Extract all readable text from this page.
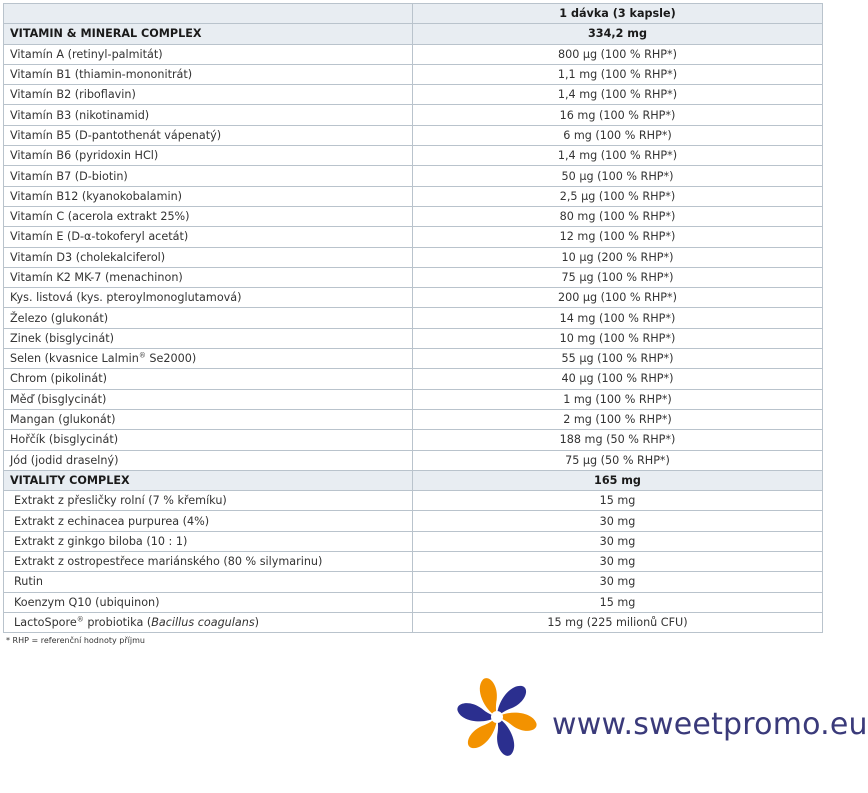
	1 dávka (3 kapsle)
VITAMIN & MINERAL COMPLEX	334,2 mg
Vitamín A (retinyl-palmitát)	800 µg (100 % RHP*)
Vitamín B1 (thiamin-mononitrát)	1,1 mg (100 % RHP*)
Vitamín B2 (riboflavin)	1,4 mg (100 % RHP*)
Vitamín B3 (nikotinamid)	16 mg (100 % RHP*)
Vitamín B5 (D-pantothenát vápenatý)	6 mg (100 % RHP*)
Vitamín B6 (pyridoxin HCl)	1,4 mg (100 % RHP*)
Vitamín B7 (D-biotin)	50 µg (100 % RHP*)
Vitamín B12 (kyanokobalamin)	2,5 µg (100 % RHP*)
Vitamín C (acerola extrakt 25%)	80 mg (100 % RHP*)
Vitamín E (D-α-tokoferyl acetát)	12 mg (100 % RHP*)
Vitamín D3 (cholekalciferol)	10 µg (200 % RHP*)
Vitamín K2 MK-7 (menachinon)	75 µg (100 % RHP*)
Kys. listová (kys. pteroylmonoglutamová)	200 µg (100 % RHP*)
Železo (glukonát)	14 mg (100 % RHP*)
Zinek (bisglycinát)	10 mg (100 % RHP*)
Selen (kvasnice Lalmin® Se2000)	55 µg (100 % RHP*)
Chrom (pikolinát)	40 µg (100 % RHP*)
Měď (bisglycinát)	1 mg (100 % RHP*)
Mangan (glukonát)	2 mg (100 % RHP*)
Hořčík (bisglycinát)	188 mg (50 % RHP*)
Jód (jodid draselný)	75 µg (50 % RHP*)
VITALITY COMPLEX	165 mg
Extrakt z přesličky rolní (7 % křemíku)	15 mg
Extrakt z echinacea purpurea (4%)	30 mg
Extrakt z ginkgo biloba (10 : 1)	30 mg
Extrakt z ostropestřece mariánského (80 % silymarinu)	30 mg
Rutin	30 mg
Koenzym Q10 (ubiquinon)	15 mg
LactoSpore® probiotika (Bacillus coagulans)	15 mg (225 milionů CFU)
* RHP = referenční hodnoty příjmu
www.sweetpromo.eu
